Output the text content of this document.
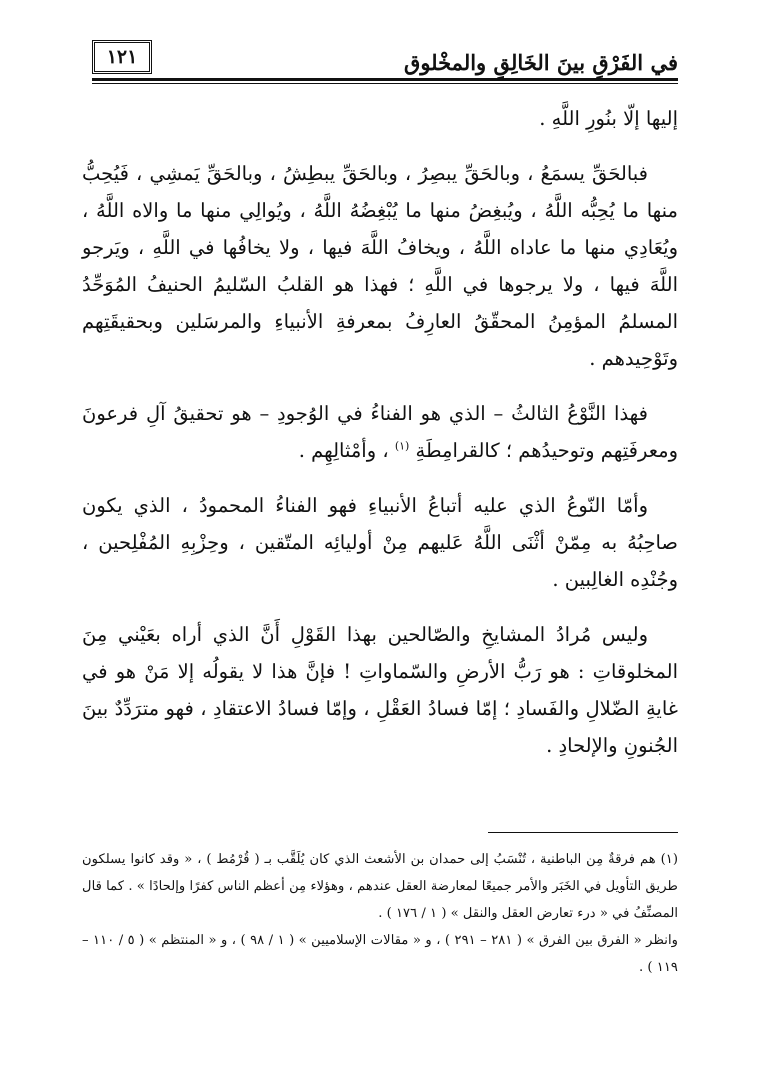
١٢١	في الفَرْقِ بينَ الخَالِقِ والمخْلوق

إليها إلّا بنُورِ اللَّهِ .

فبالحَقِّ يسمَعُ ، وبالحَقِّ يبصِرُ ، وبالحَقِّ يبطِشُ ، وبالحَقِّ يَمشِي ، فَيُحِبُّ منها ما يُحِبُّه اللَّهُ ، ويُبغِضُ منها ما يُبْغِضُهُ اللَّهُ ، ويُوالِي منها ما والاه اللَّهُ ، ويُعَادِي منها ما عاداه اللَّهُ ، ويخافُ اللَّهَ فيها ، ولا يخافُها في اللَّهِ ، ويَرجو اللَّهَ فيها ، ولا يرجوها في اللَّهِ ؛ فهذا هو القلبُ السّليمُ الحنيفُ المُوَحِّدُ المسلمُ المؤمِنُ المحقّقُ العارِفُ بمعرفةِ الأنبياءِ والمرسَلين وبحقيقَتِهم وتَوْحِيدهم .

فهذا النَّوْعُ الثالثُ – الذي هو الفناءُ في الوُجودِ – هو تحقيقُ آلِ فرعونَ ومعرفَتِهم وتوحيدُهم ؛ كالقرامِطَةِ $^{(١)}$ ، وأمْثالِهِم .

وأمّا النّوعُ الذي عليه أتباعُ الأنبياءِ فهو الفناءُ المحمودُ ، الذي يكون صاحِبُهُ به مِمّنْ أثْنَى اللَّهُ عَليهم مِنْ أوليائِه المتّقين ، وحِزْبِهِ المُفْلِحين ، وجُنْدِه الغالِبين .

وليس مُرادُ المشايخِ والصّالحين بهذا القَوْلِ أَنَّ الذي أراه بعَيْني مِنَ المخلوقاتِ : هو رَبُّ الأرضِ والسّماواتِ ! فإنَّ هذا لا يقولُه إلا مَنْ هو في غايةِ الضّلالِ والفَسادِ ؛ إمّا فسادُ العَقْلِ ، وإمّا فسادُ الاعتقادِ ، فهو مترَدِّدٌ بينَ الجُنونِ والإلحادِ .

(١) هم فرقةٌ مِن الباطنية ، تُنْسَبُ إلى حمدان بن الأشعث الذي كان يُلَقَّب بـ ( قُرْمُط ) ، « وقد كانوا يسلكون طريق التأويل في الخَبَر والأمر جميعًا لمعارضة العقل عندهم ، وهؤلاء مِن أعظم الناس كفرًا وإلحادًا » . كما قال المصنِّفُ في « درء تعارض العقل والنقل » ( ١ / ١٧٦ ) .

وانظر « الفرق بين الفرق » ( ٢٨١ – ٢٩١ ) ، و « مقالات الإسلاميين » ( ١ / ٩٨ ) ، و « المنتظم » ( ٥ / ١١٠ – ١١٩ ) .
